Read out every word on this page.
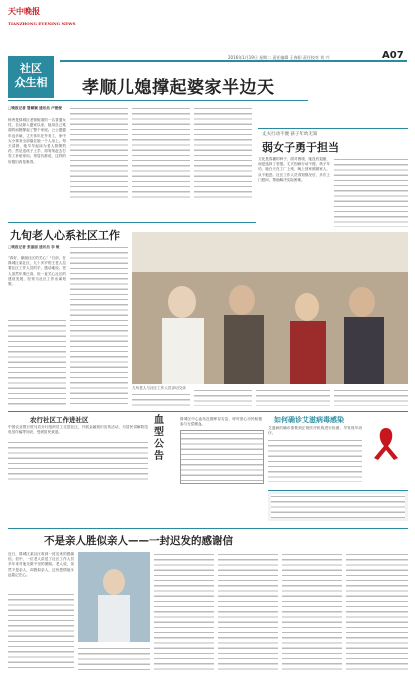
天中晚报
TIANZHONG EVENING NEWS
社区
众生相
2016年1月19日 星期二 责任编辑 王春阳 责任校对 刘 兴	A07
孝顺儿媳撑起婆家半边天
□晚报记者 鲁颖颖 通讯员 卢俊俊
杨秀是驿城区老街街道的一名普通女性，自从嫁入婆家以来，她用自己柔弱的肩膀撑起了整个家庭。公公婆婆年迈多病，丈夫常年在外务工，家中大小事务全部落在她一个人身上。每天清晨，她早早起床为老人熬粥煎药，然后送孩子上学，再匆匆赶去打零工补贴家用。邻居们都说，这样的好媳妇真是难得。
丈夫行动不便 孩子年幼无知
弱女子勇于担当
文化是春播的种子，面对困境，她没有退缩，而是选择了坚强。丈夫因病行动不便，孩子年幼，她白天在工厂上班，晚上回家照顾家人，从不抱怨。社区工作人员得知情况后，多次上门慰问，帮助解决实际困难。
九旬老人心系社区工作
□晚报记者 张丽丽 通讯员 李 敏
"真好，谢谢社区的关心！"日前，在驿城区某社区，九十多岁的王老人拉着社区工作人员的手，感动地说。老人虽然年事已高，但一直关心社区的建设发展，经常为社区工作出谋划策。
九旬老人与社区工作人员亲切交谈
农行社区工作进社区
中国农业银行驻马店分行组织员工走进社区，开展金融知识宣传活动，为居民讲解防范电信诈骗等知识，受到居民欢迎。
血型公告
驿城区中心血站近期库存告急，呼吁爱心市民积极参与无偿献血。
如何确诊艾滋病毒感染
艾滋病的确诊需要到正规医疗机构进行检测，早发现早治疗。
不是亲人胜似亲人——一封迟发的感谢信
近日，驿城区某社区收到一封迟来的感谢信。信中，一位老人讲述了社区工作人员多年来对他无微不至的照顾。老人说，虽然不是亲人，却胜似亲人，这份恩情他永远铭记在心。
